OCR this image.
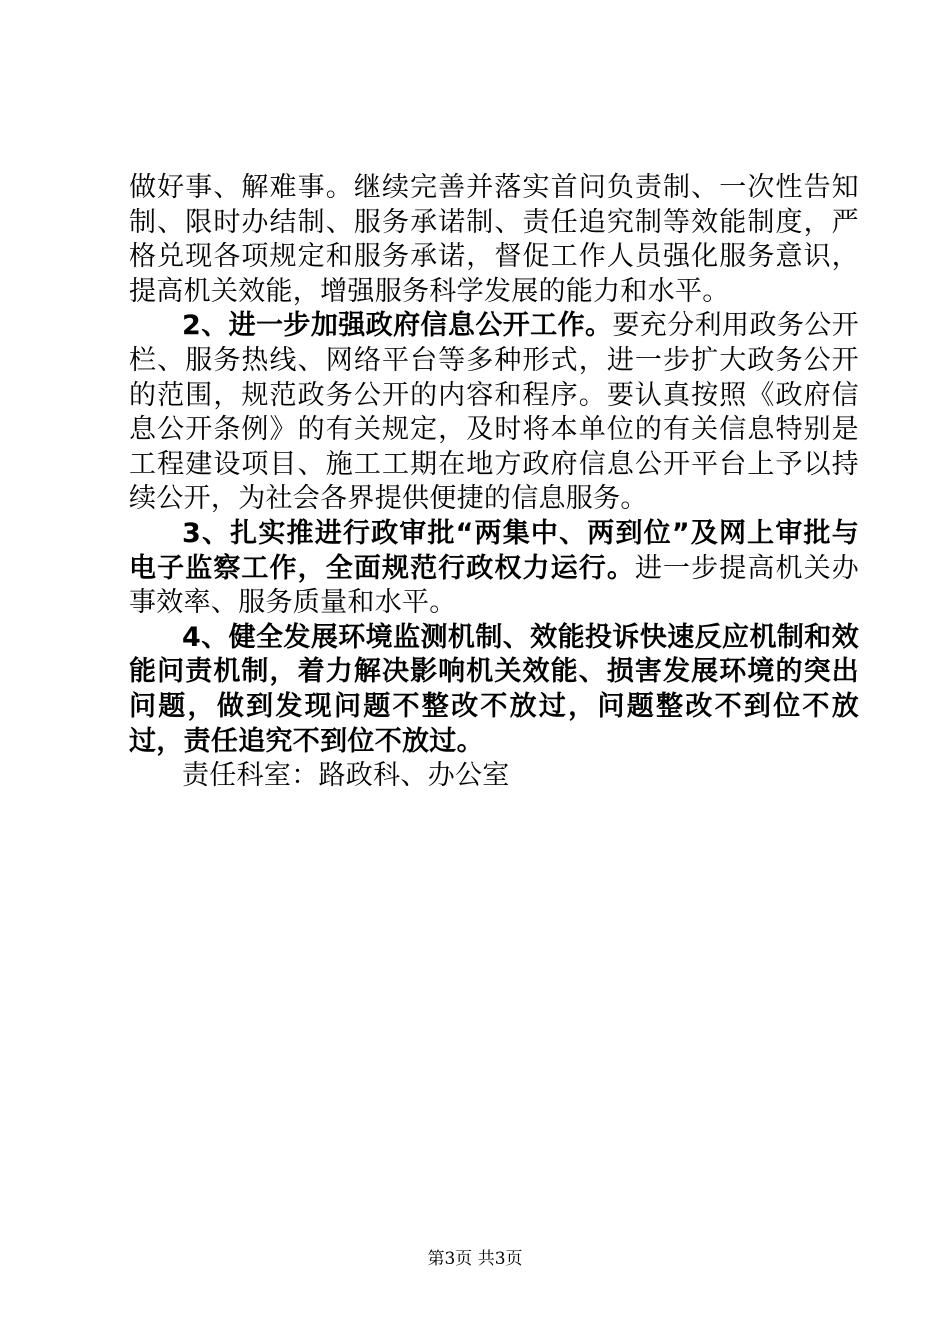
做好事、解难事。继续完善并落实首问负责制、一次性告知制、限时办结制、服务承诺制、责任追究制等效能制度，严格兑现各项规定和服务承诺，督促工作人员强化服务意识，提高机关效能，增强服务科学发展的能力和水平。

2、进一步加强政府信息公开工作。要充分利用政务公开栏、服务热线、网络平台等多种形式，进一步扩大政务公开的范围，规范政务公开的内容和程序。要认真按照《政府信息公开条例》的有关规定，及时将本单位的有关信息特别是工程建设项目、施工工期在地方政府信息公开平台上予以持续公开，为社会各界提供便捷的信息服务。

3、扎实推进行政审批“两集中、两到位”及网上审批与电子监察工作，全面规范行政权力运行。进一步提高机关办事效率、服务质量和水平。

4、健全发展环境监测机制、效能投诉快速反应机制和效能问责机制，着力解决影响机关效能、损害发展环境的突出问题，做到发现问题不整改不放过，问题整改不到位不放过，责任追究不到位不放过。

责任科室：路政科、办公室

第3页 共3页
